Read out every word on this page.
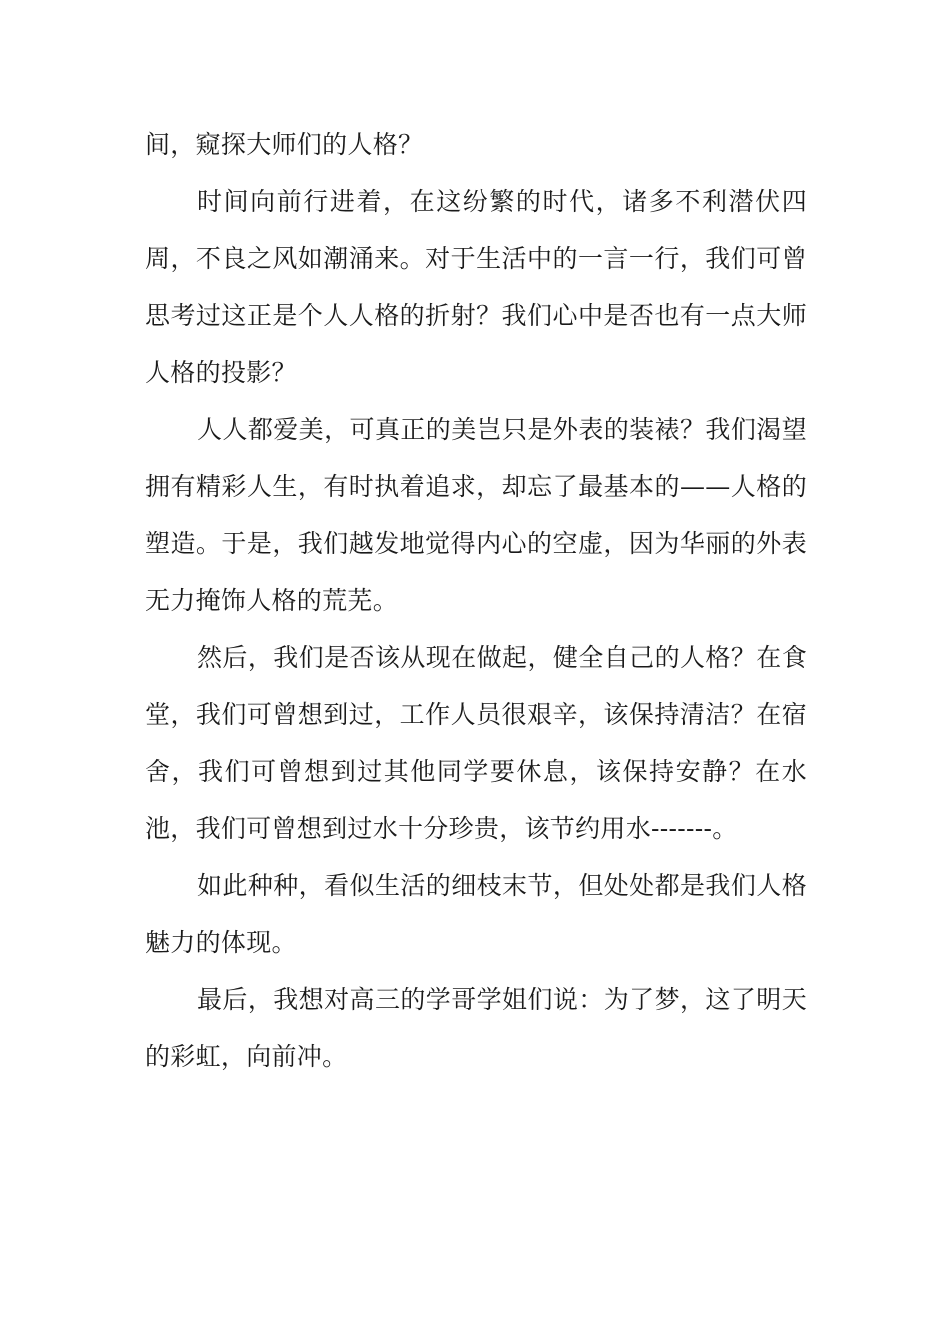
间，窥探大师们的人格？

时间向前行进着，在这纷繁的时代，诸多不利潜伏四周，不良之风如潮涌来。对于生活中的一言一行，我们可曾思考过这正是个人人格的折射？我们心中是否也有一点大师人格的投影？

人人都爱美，可真正的美岂只是外表的装裱？我们渴望拥有精彩人生，有时执着追求，却忘了最基本的——人格的塑造。于是，我们越发地觉得内心的空虚，因为华丽的外表无力掩饰人格的荒芜。

然后，我们是否该从现在做起，健全自己的人格？在食堂，我们可曾想到过，工作人员很艰辛，该保持清洁？在宿舍，我们可曾想到过其他同学要休息，该保持安静？在水池，我们可曾想到过水十分珍贵，该节约用水-------。

如此种种，看似生活的细枝末节，但处处都是我们人格魅力的体现。

最后，我想对高三的学哥学姐们说：为了梦，这了明天的彩虹，向前冲。
